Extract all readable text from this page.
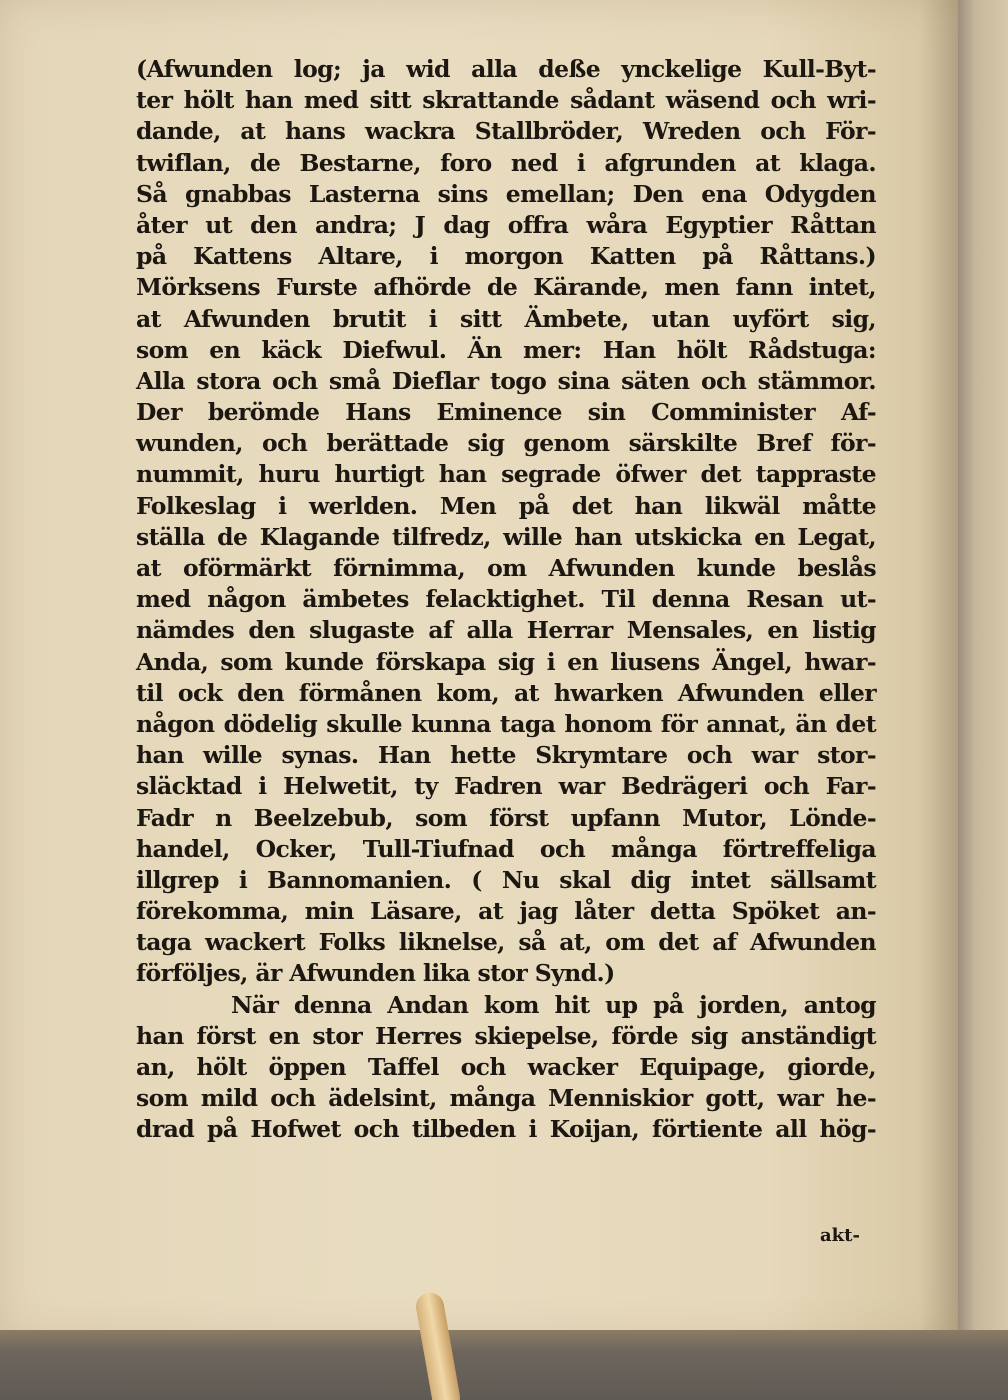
(Afwunden log; ja wid alla deße ynckelige Kull-Byt-
ter hölt han med sitt skrattande sådant wäsend och wri-
dande, at hans wackra Stallbröder, Wreden och För-
twiflan, de Bestarne, foro ned i afgrunden at klaga.
Så gnabbas Lasterna sins emellan; Den ena Odygden
åter ut den andra; J dag offra wåra Egyptier Råttan
på Kattens Altare, i morgon Katten på Råttans.)
Mörksens Furste afhörde de Kärande, men fann intet,
at Afwunden brutit i sitt Ämbete, utan uyfört sig,
som en käck Diefwul. Än mer: Han hölt Rådstuga:
Alla stora och små Dieflar togo sina säten och stämmor.
Der berömde Hans Eminence sin Comminister Af-
wunden, och berättade sig genom särskilte Bref för-
nummit, huru hurtigt han segrade öfwer det tappraste
Folkeslag i werlden. Men på det han likwäl måtte
ställa de Klagande tilfredz, wille han utskicka en Legat,
at oförmärkt förnimma, om Afwunden kunde beslås
med någon ämbetes felacktighet. Til denna Resan ut-
nämdes den slugaste af alla Herrar Mensales, en listig
Anda, som kunde förskapa sig i en liusens Ängel, hwar-
til ock den förmånen kom, at hwarken Afwunden eller
någon dödelig skulle kunna taga honom för annat, än det
han wille synas. Han hette Skrymtare och war stor-
släcktad i Helwetit, ty Fadren war Bedrägeri och Far-
Fadr n Beelzebub, som först upfann Mutor, Lönde-
handel, Ocker, Tull-Tiufnad och många förtreffeliga
illgrep i Bannomanien. ( Nu skal dig intet sällsamt
förekomma, min Läsare, at jag låter detta Spöket an-
taga wackert Folks liknelse, så at, om det af Afwunden
förföljes, är Afwunden lika stor Synd.)
När denna Andan kom hit up på jorden, antog
han först en stor Herres skiepelse, förde sig anständigt
an, hölt öppen Taffel och wacker Equipage, giorde,
som mild och ädelsint, många Menniskior gott, war he-
drad på Hofwet och tilbeden i Koijan, förtiente all hög-
akt-
